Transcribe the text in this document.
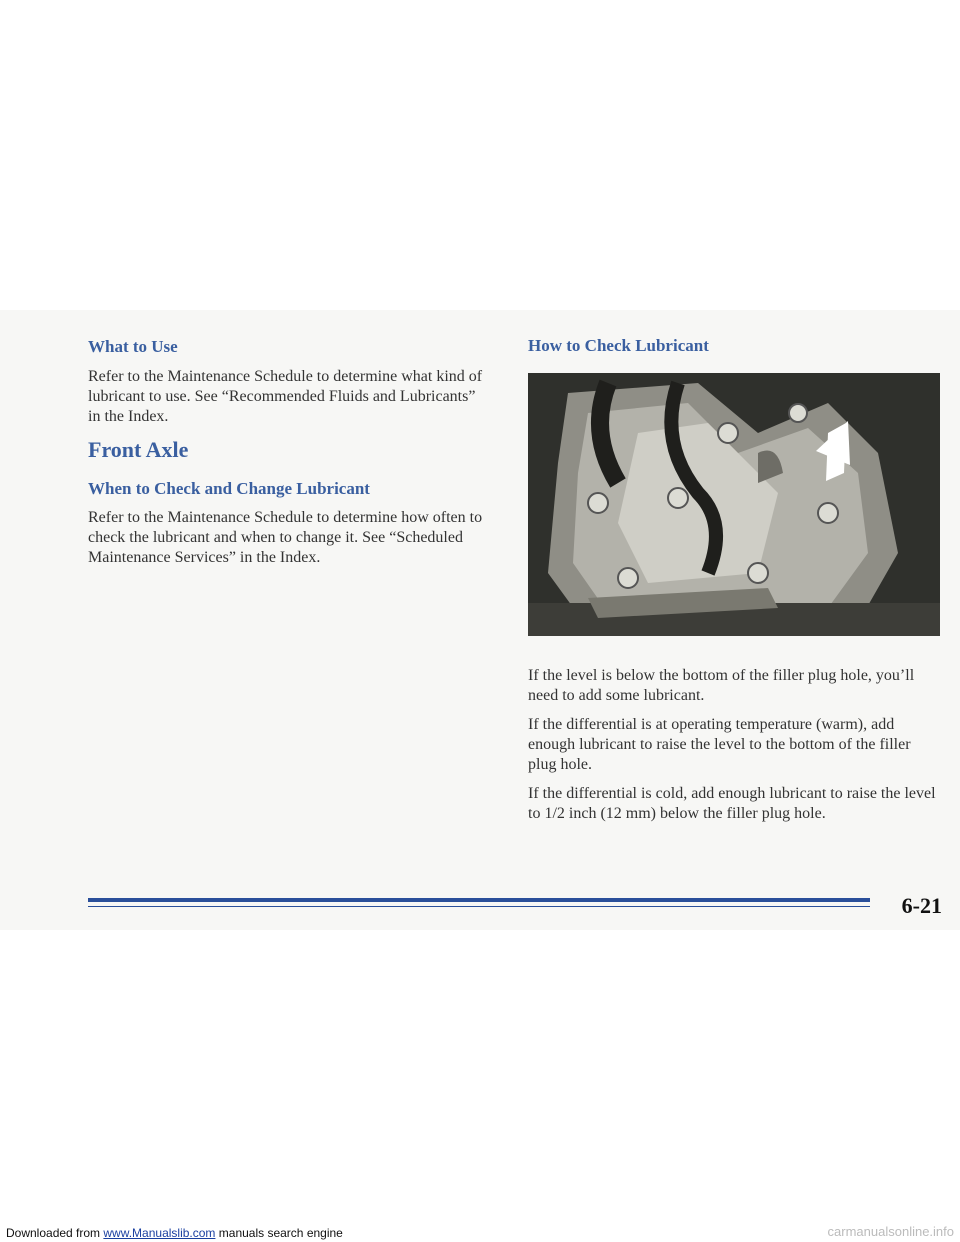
What to Use

Refer to the Maintenance Schedule to determine what kind of lubricant to use. See “Recommended Fluids and Lubricants” in the Index.

Front Axle
When to Check and Change Lubricant

Refer to the Maintenance Schedule to determine how often to check the lubricant and when to change it. See “Scheduled Maintenance Services” in the Index.

How to Check Lubricant

If the level is below the bottom of the filler plug hole, you’ll need to add some lubricant.

If the differential is at operating temperature (warm), add enough lubricant to raise the level to the bottom of the filler plug hole.

If the differential is cold, add enough lubricant to raise the level to 1/2 inch (12 mm) below the filler plug hole.

6-21
Downloaded from www.Manualslib.com manuals search engine	carmanualsonline.info
